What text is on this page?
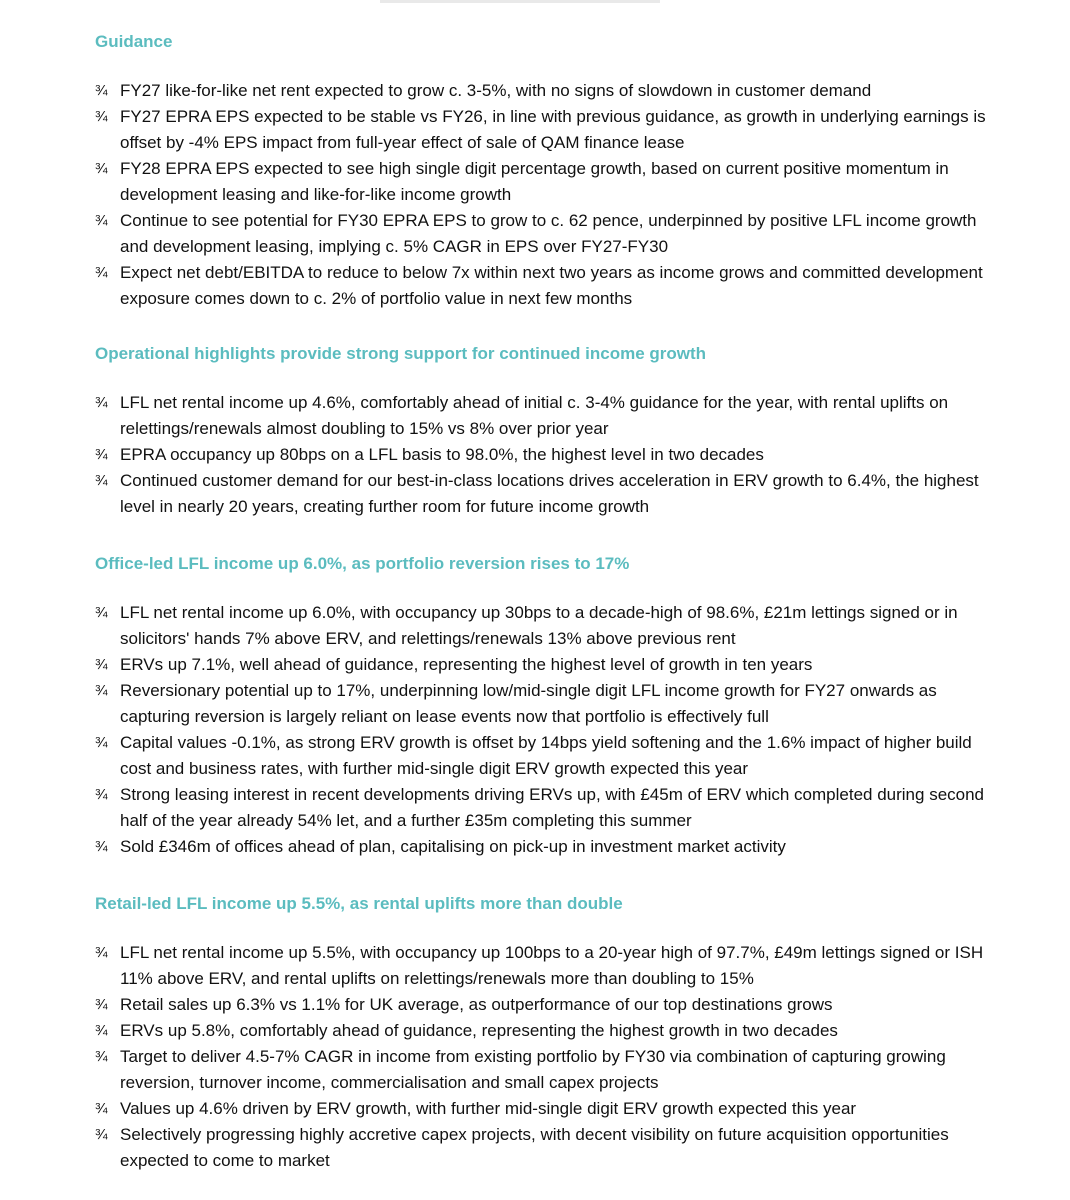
Guidance
¾ FY27 like-for-like net rent expected to grow c. 3-5%, with no signs of slowdown in customer demand
¾ FY27 EPRA EPS expected to be stable vs FY26, in line with previous guidance, as growth in underlying earnings is offset by -4% EPS impact from full-year effect of sale of QAM finance lease
¾ FY28 EPRA EPS expected to see high single digit percentage growth, based on current positive momentum in development leasing and like-for-like income growth
¾ Continue to see potential for FY30 EPRA EPS to grow to c. 62 pence, underpinned by positive LFL income growth and development leasing, implying c. 5% CAGR in EPS over FY27-FY30
¾ Expect net debt/EBITDA to reduce to below 7x within next two years as income grows and committed development exposure comes down to c. 2% of portfolio value in next few months
Operational highlights provide strong support for continued income growth
¾ LFL net rental income up 4.6%, comfortably ahead of initial c. 3-4% guidance for the year, with rental uplifts on relettings/renewals almost doubling to 15% vs 8% over prior year
¾ EPRA occupancy up 80bps on a LFL basis to 98.0%, the highest level in two decades
¾ Continued customer demand for our best-in-class locations drives acceleration in ERV growth to 6.4%, the highest level in nearly 20 years, creating further room for future income growth
Office-led LFL income up 6.0%, as portfolio reversion rises to 17%
¾ LFL net rental income up 6.0%, with occupancy up 30bps to a decade-high of 98.6%, £21m lettings signed or in solicitors' hands 7% above ERV, and relettings/renewals 13% above previous rent
¾ ERVs up 7.1%, well ahead of guidance, representing the highest level of growth in ten years
¾ Reversionary potential up to 17%, underpinning low/mid-single digit LFL income growth for FY27 onwards as capturing reversion is largely reliant on lease events now that portfolio is effectively full
¾ Capital values -0.1%, as strong ERV growth is offset by 14bps yield softening and the 1.6% impact of higher build cost and business rates, with further mid-single digit ERV growth expected this year
¾ Strong leasing interest in recent developments driving ERVs up, with £45m of ERV which completed during second half of the year already 54% let, and a further £35m completing this summer
¾ Sold £346m of offices ahead of plan, capitalising on pick-up in investment market activity
Retail-led LFL income up 5.5%, as rental uplifts more than double
¾ LFL net rental income up 5.5%, with occupancy up 100bps to a 20-year high of 97.7%, £49m lettings signed or ISH 11% above ERV, and rental uplifts on relettings/renewals more than doubling to 15%
¾ Retail sales up 6.3% vs 1.1% for UK average, as outperformance of our top destinations grows
¾ ERVs up 5.8%, comfortably ahead of guidance, representing the highest growth in two decades
¾ Target to deliver 4.5-7% CAGR in income from existing portfolio by FY30 via combination of capturing growing reversion, turnover income, commercialisation and small capex projects
¾ Values up 4.6% driven by ERV growth, with further mid-single digit ERV growth expected this year
¾ Selectively progressing highly accretive capex projects, with decent visibility on future acquisition opportunities expected to come to market
